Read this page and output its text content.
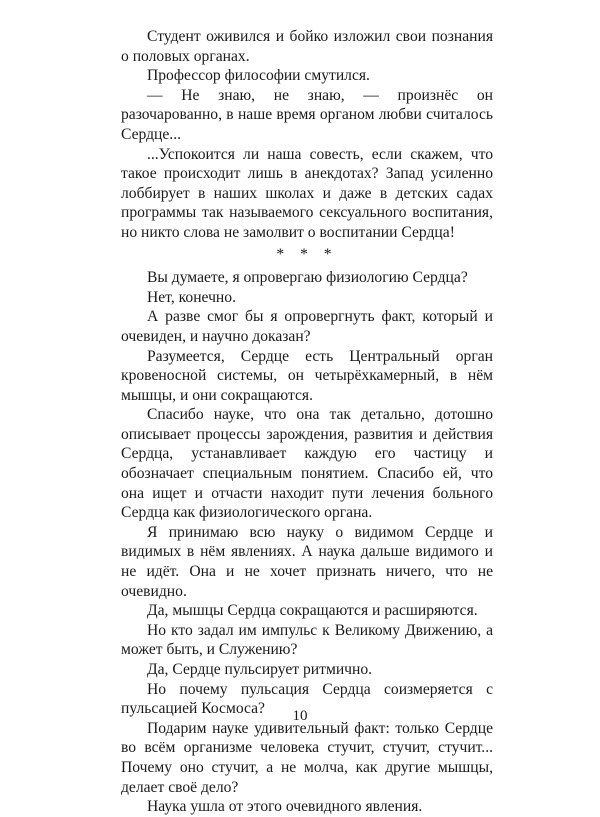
Студент оживился и бойко изложил свои познания о половых органах.

Профессор философии смутился.

— Не знаю, не знаю, — произнёс он разочарованно, в наше время органом любви считалось Сердце...

...Успокоится ли наша совесть, если скажем, что такое происходит лишь в анекдотах? Запад усиленно лоббирует в наших школах и даже в детских садах программы так называемого сексуального воспитания, но никто слова не замолвит о воспитании Сердца!

* * *

Вы думаете, я опровергаю физиологию Сердца?

Нет, конечно.

А разве смог бы я опровергнуть факт, который и очевиден, и научно доказан?

Разумеется, Сердце есть Центральный орган кровеносной системы, он четырёхкамерный, в нём мышцы, и они сокращаются.

Спасибо науке, что она так детально, дотошно описывает процессы зарождения, развития и действия Сердца, устанавливает каждую его частицу и обозначает специальным понятием. Спасибо ей, что она ищет и отчасти находит пути лечения больного Сердца как физиологического органа.

Я принимаю всю науку о видимом Сердце и видимых в нём явлениях. А наука дальше видимого и не идёт. Она и не хочет признать ничего, что не очевидно.

Да, мышцы Сердца сокращаются и расширяются.

Но кто задал им импульс к Великому Движению, а может быть, и Служению?

Да, Сердце пульсирует ритмично.

Но почему пульсация Сердца соизмеряется с пульсацией Космоса?

Подарим науке удивительный факт: только Сердце во всём организме человека стучит, стучит, стучит... Почему оно стучит, а не молча, как другие мышцы, делает своё дело?

Наука ушла от этого очевидного явления.

10
